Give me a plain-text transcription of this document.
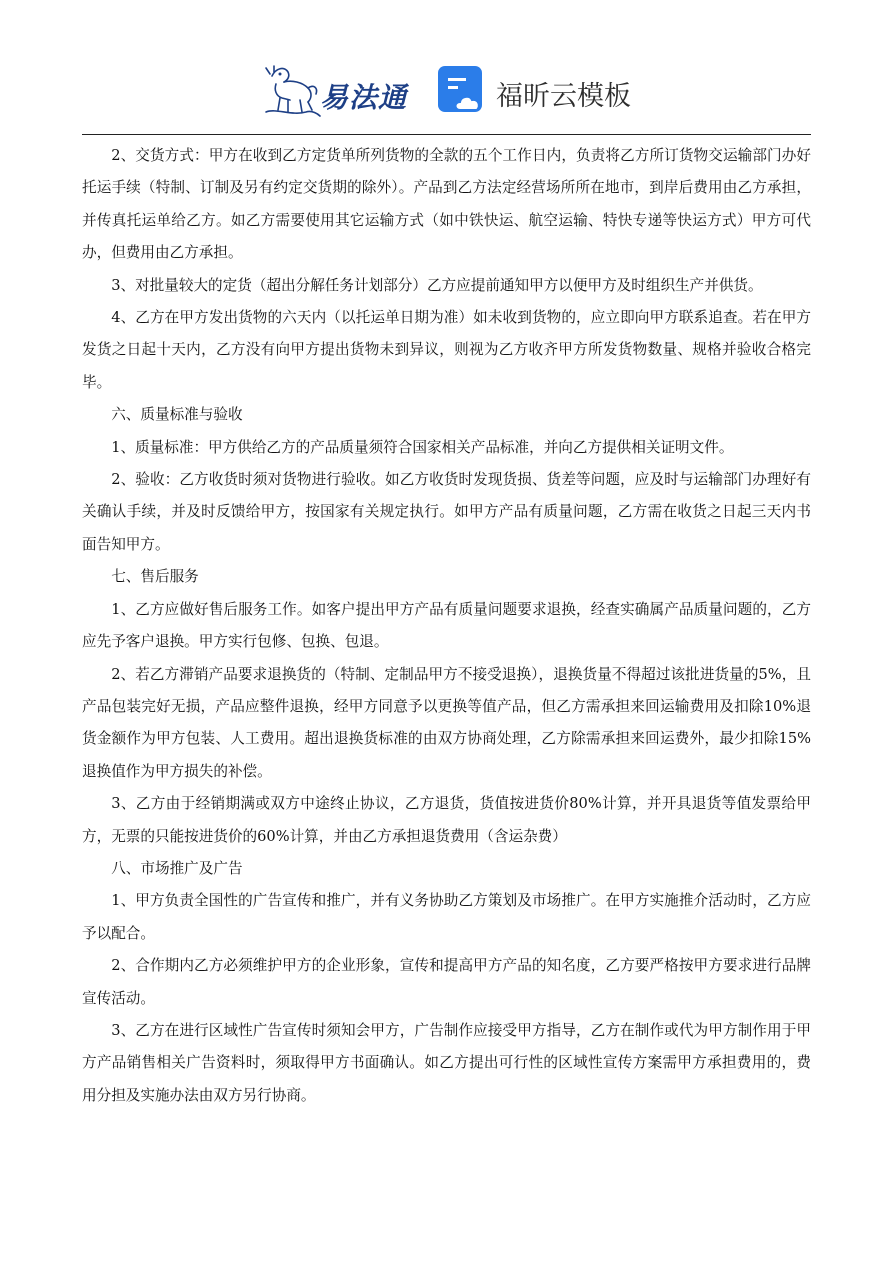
易法通	福昕云模板

2、交货方式：甲方在收到乙方定货单所列货物的全款的五个工作日内，负责将乙方所订货物交运输部门办好托运手续（特制、订制及另有约定交货期的除外）。产品到乙方法定经营场所所在地市，到岸后费用由乙方承担，并传真托运单给乙方。如乙方需要使用其它运输方式（如中铁快运、航空运输、特快专递等快运方式）甲方可代办，但费用由乙方承担。

3、对批量较大的定货（超出分解任务计划部分）乙方应提前通知甲方以便甲方及时组织生产并供货。

4、乙方在甲方发出货物的六天内（以托运单日期为准）如未收到货物的，应立即向甲方联系追查。若在甲方发货之日起十天内，乙方没有向甲方提出货物未到异议，则视为乙方收齐甲方所发货物数量、规格并验收合格完毕。

六、质量标准与验收

1、质量标准：甲方供给乙方的产品质量须符合国家相关产品标准，并向乙方提供相关证明文件。

2、验收：乙方收货时须对货物进行验收。如乙方收货时发现货损、货差等问题，应及时与运输部门办理好有关确认手续，并及时反馈给甲方，按国家有关规定执行。如甲方产品有质量问题，乙方需在收货之日起三天内书面告知甲方。

七、售后服务

1、乙方应做好售后服务工作。如客户提出甲方产品有质量问题要求退换，经查实确属产品质量问题的，乙方应先予客户退换。甲方实行包修、包换、包退。

2、若乙方滞销产品要求退换货的（特制、定制品甲方不接受退换），退换货量不得超过该批进货量的5%，且产品包装完好无损，产品应整件退换，经甲方同意予以更换等值产品，但乙方需承担来回运输费用及扣除10%退货金额作为甲方包装、人工费用。超出退换货标准的由双方协商处理，乙方除需承担来回运费外，最少扣除15%退换值作为甲方损失的补偿。

3、乙方由于经销期满或双方中途终止协议，乙方退货，货值按进货价80%计算，并开具退货等值发票给甲方，无票的只能按进货价的60%计算，并由乙方承担退货费用（含运杂费）

八、市场推广及广告

1、甲方负责全国性的广告宣传和推广，并有义务协助乙方策划及市场推广。在甲方实施推介活动时，乙方应予以配合。

2、合作期内乙方必须维护甲方的企业形象，宣传和提高甲方产品的知名度，乙方要严格按甲方要求进行品牌宣传活动。

3、乙方在进行区域性广告宣传时须知会甲方，广告制作应接受甲方指导，乙方在制作或代为甲方制作用于甲方产品销售相关广告资料时，须取得甲方书面确认。如乙方提出可行性的区域性宣传方案需甲方承担费用的，费用分担及实施办法由双方另行协商。
